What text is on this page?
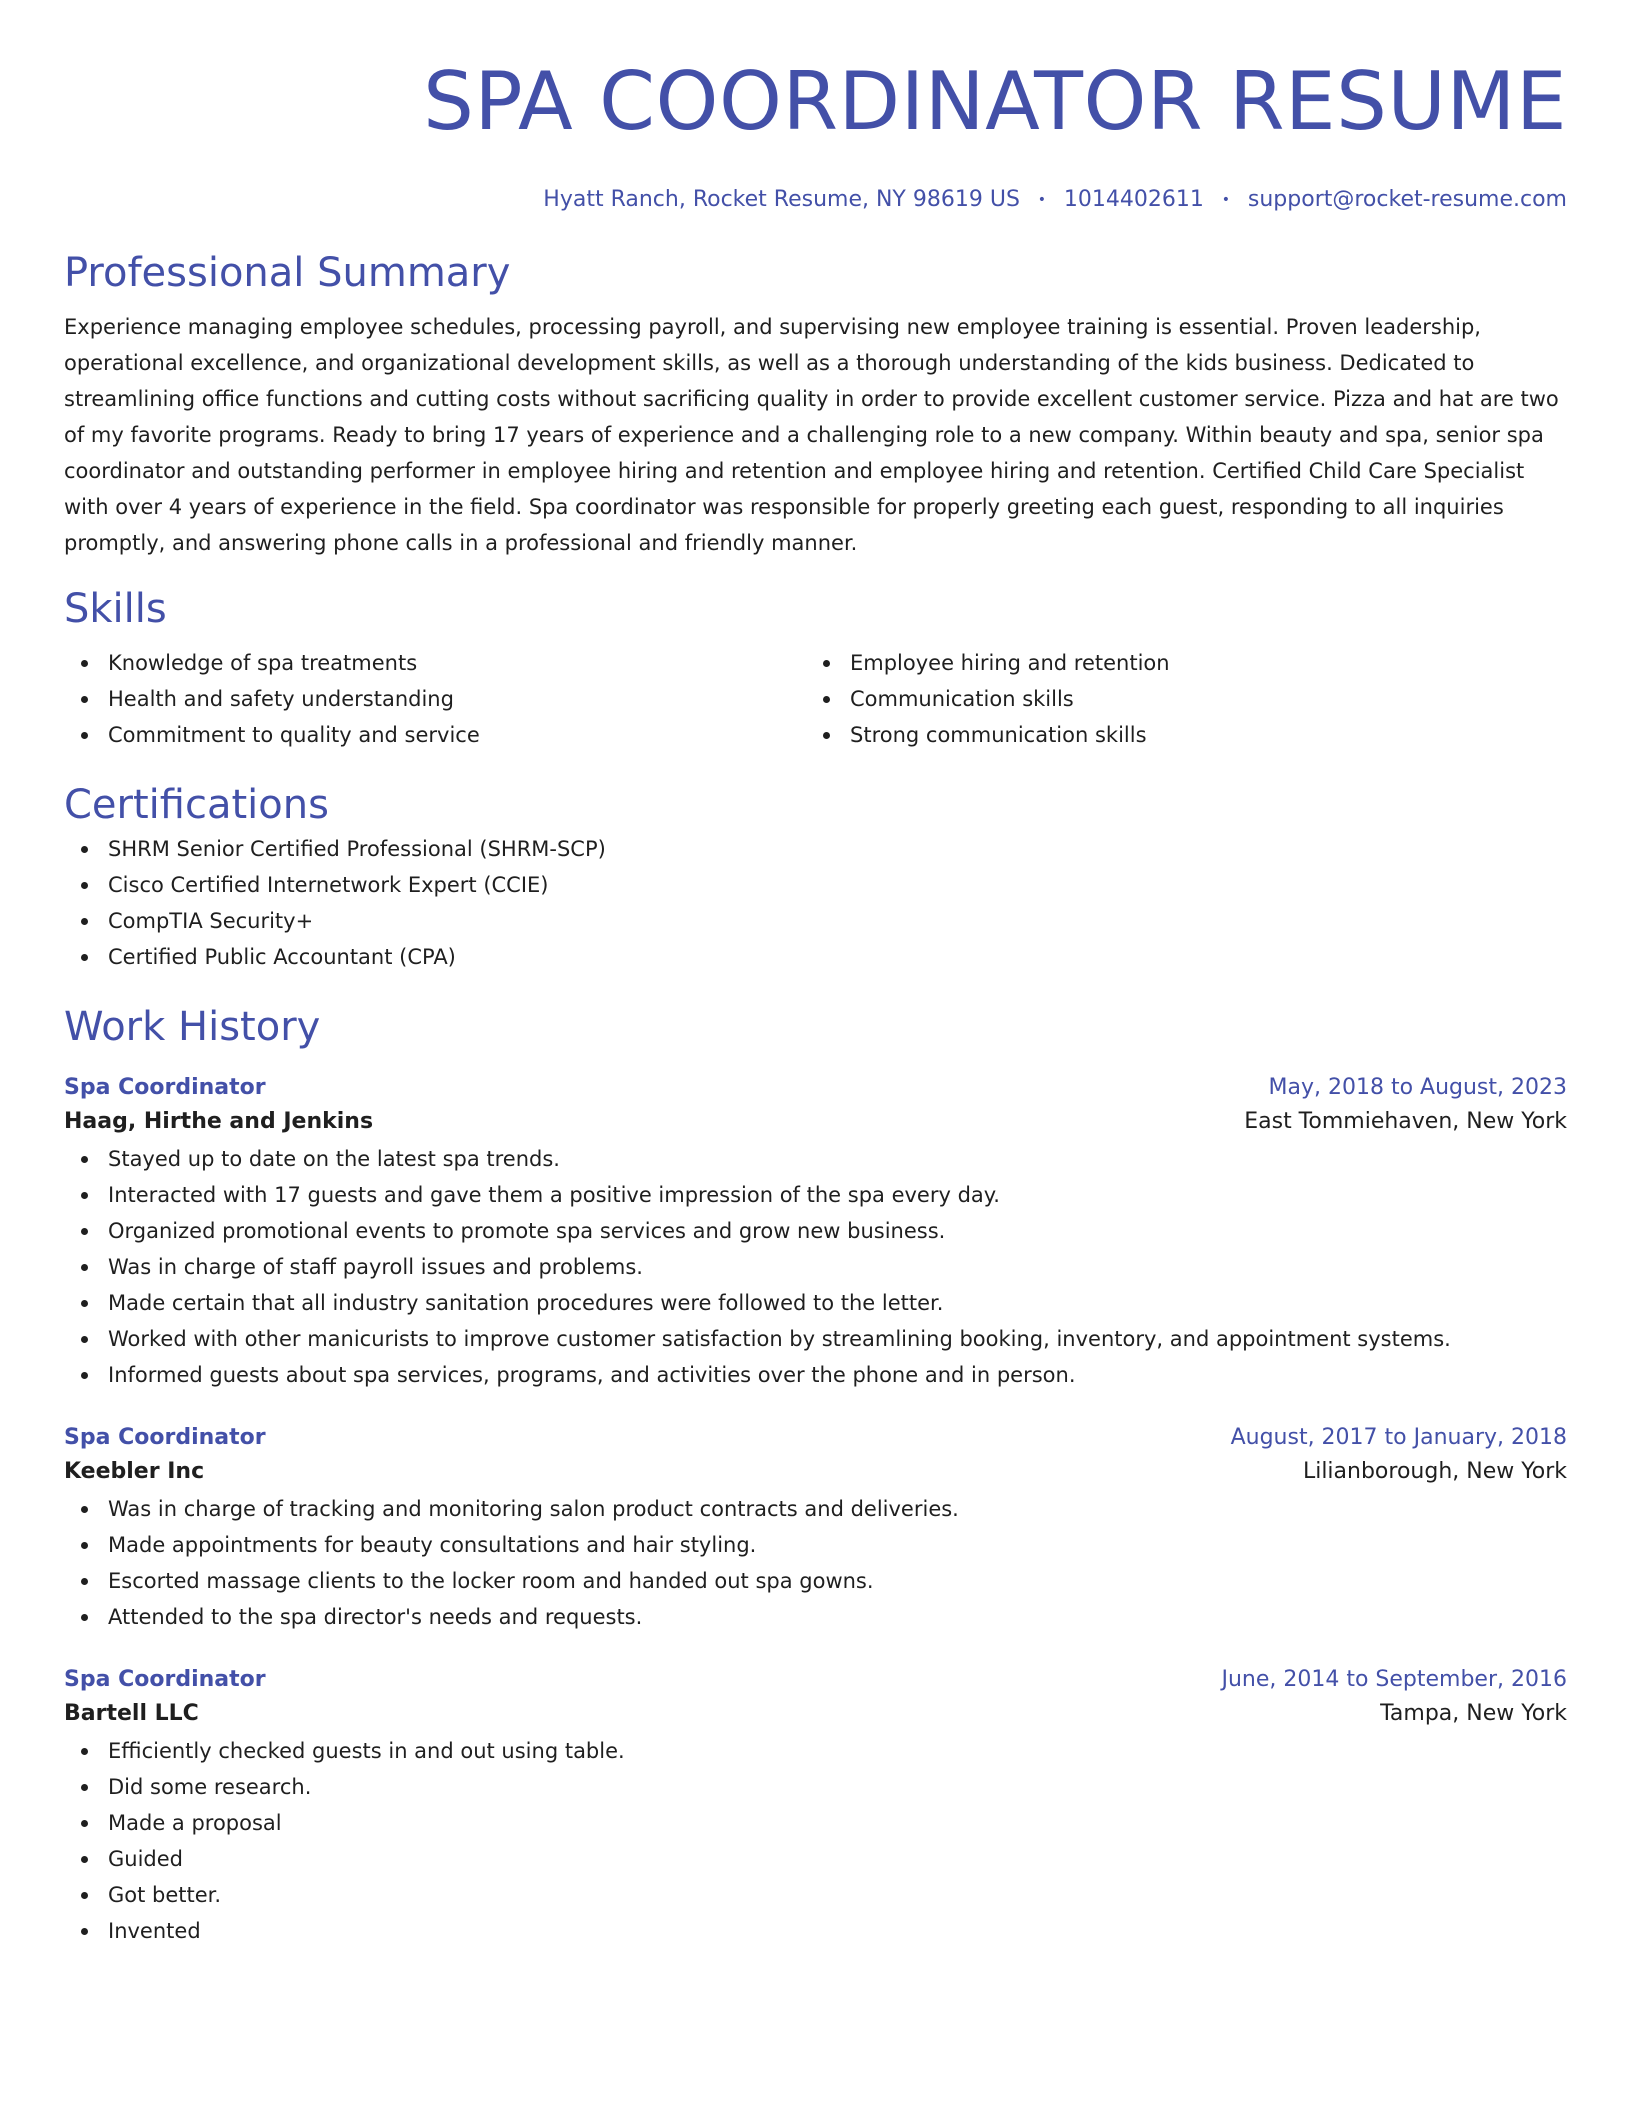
SPA COORDINATOR RESUME
Hyatt Ranch, Rocket Resume, NY 98619 US • 1014402611 • support@rocket-resume.com
Professional Summary
Experience managing employee schedules, processing payroll, and supervising new employee training is essential. Proven leadership, operational excellence, and organizational development skills, as well as a thorough understanding of the kids business. Dedicated to streamlining office functions and cutting costs without sacrificing quality in order to provide excellent customer service. Pizza and hat are two of my favorite programs. Ready to bring 17 years of experience and a challenging role to a new company. Within beauty and spa, senior spa coordinator and outstanding performer in employee hiring and retention and employee hiring and retention. Certified Child Care Specialist with over 4 years of experience in the field. Spa coordinator was responsible for properly greeting each guest, responding to all inquiries promptly, and answering phone calls in a professional and friendly manner.
Skills
Knowledge of spa treatments
Health and safety understanding
Commitment to quality and service
Employee hiring and retention
Communication skills
Strong communication skills
Certifications
SHRM Senior Certified Professional (SHRM-SCP)
Cisco Certified Internetwork Expert (CCIE)
CompTIA Security+
Certified Public Accountant (CPA)
Work History
Spa Coordinator	May, 2018 to August, 2023
Haag, Hirthe and Jenkins	East Tommiehaven, New York
Stayed up to date on the latest spa trends.
Interacted with 17 guests and gave them a positive impression of the spa every day.
Organized promotional events to promote spa services and grow new business.
Was in charge of staff payroll issues and problems.
Made certain that all industry sanitation procedures were followed to the letter.
Worked with other manicurists to improve customer satisfaction by streamlining booking, inventory, and appointment systems.
Informed guests about spa services, programs, and activities over the phone and in person.
Spa Coordinator	August, 2017 to January, 2018
Keebler Inc	Lilianborough, New York
Was in charge of tracking and monitoring salon product contracts and deliveries.
Made appointments for beauty consultations and hair styling.
Escorted massage clients to the locker room and handed out spa gowns.
Attended to the spa director's needs and requests.
Spa Coordinator	June, 2014 to September, 2016
Bartell LLC	Tampa, New York
Efficiently checked guests in and out using table.
Did some research.
Made a proposal
Guided
Got better.
Invented
